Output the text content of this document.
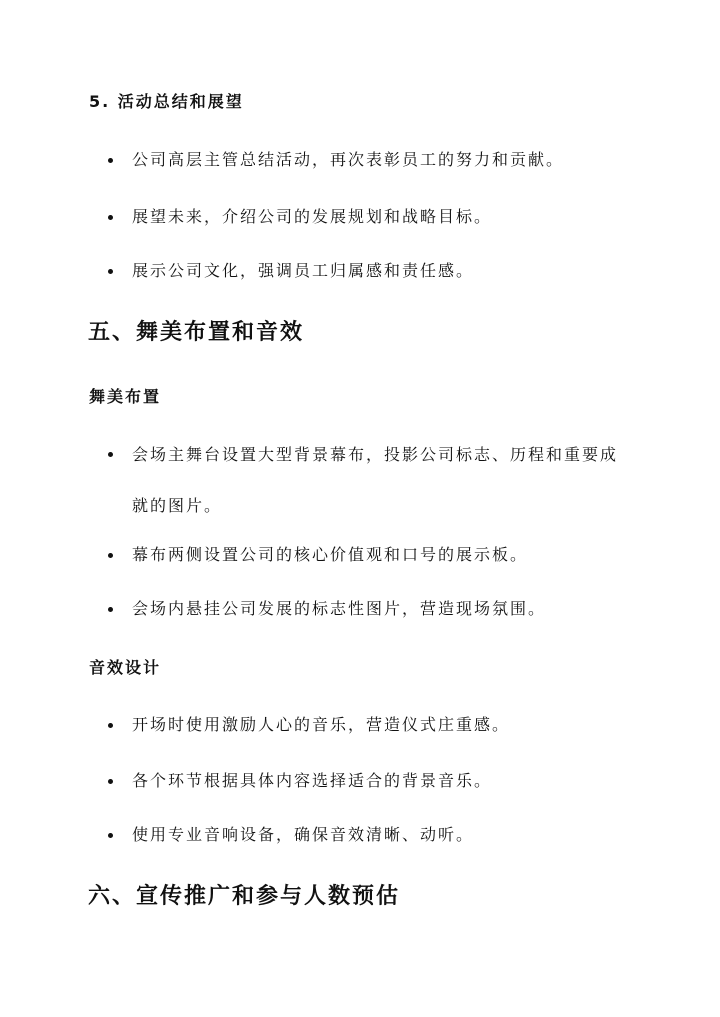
5. 活动总结和展望
公司高层主管总结活动，再次表彰员工的努力和贡献。
展望未来，介绍公司的发展规划和战略目标。
展示公司文化，强调员工归属感和责任感。
五、舞美布置和音效
舞美布置
会场主舞台设置大型背景幕布，投影公司标志、历程和重要成就的图片。
幕布两侧设置公司的核心价值观和口号的展示板。
会场内悬挂公司发展的标志性图片，营造现场氛围。
音效设计
开场时使用激励人心的音乐，营造仪式庄重感。
各个环节根据具体内容选择适合的背景音乐。
使用专业音响设备，确保音效清晰、动听。
六、宣传推广和参与人数预估
